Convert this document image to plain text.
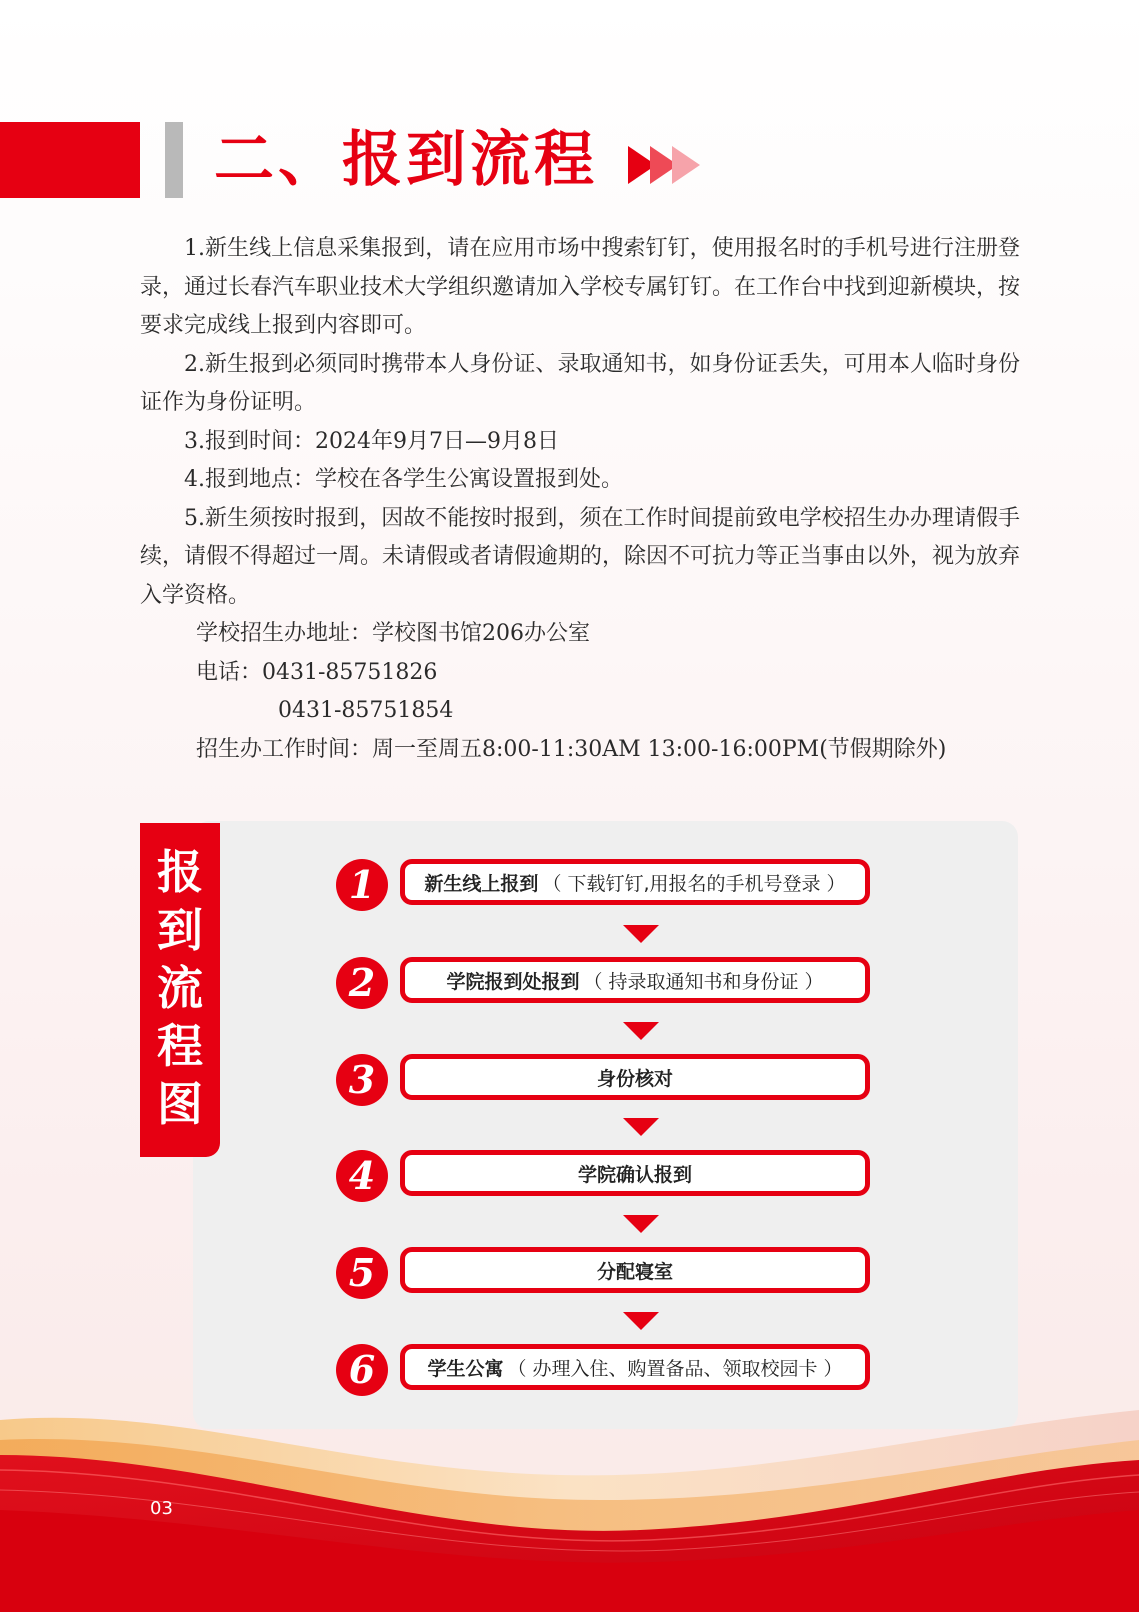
二、报到流程

1.新生线上信息采集报到，请在应用市场中搜索钉钉，使用报名时的手机号进行注册登录，通过长春汽车职业技术大学组织邀请加入学校专属钉钉。在工作台中找到迎新模块，按要求完成线上报到内容即可。

2.新生报到必须同时携带本人身份证、录取通知书，如身份证丢失，可用本人临时身份证作为身份证明。

3.报到时间：2024年9月7日—9月8日

4.报到地点：学校在各学生公寓设置报到处。

5.新生须按时报到，因故不能按时报到，须在工作时间提前致电学校招生办办理请假手续，请假不得超过一周。未请假或者请假逾期的，除因不可抗力等正当事由以外，视为放弃入学资格。

学校招生办地址：学校图书馆206办公室

电话：0431-85751826

0431-85751854

招生办工作时间：周一至周五8:00-11:30AM 13:00-16:00PM(节假期除外)

报
到
流
程
图
1	新生线上报到 （ 下载钉钉,用报名的手机号登录 ）
2	学院报到处报到 （ 持录取通知书和身份证 ）
3	身份核对
4	学院确认报到
5	分配寝室
6	学生公寓 （ 办理入住、购置备品、领取校园卡 ）
03
